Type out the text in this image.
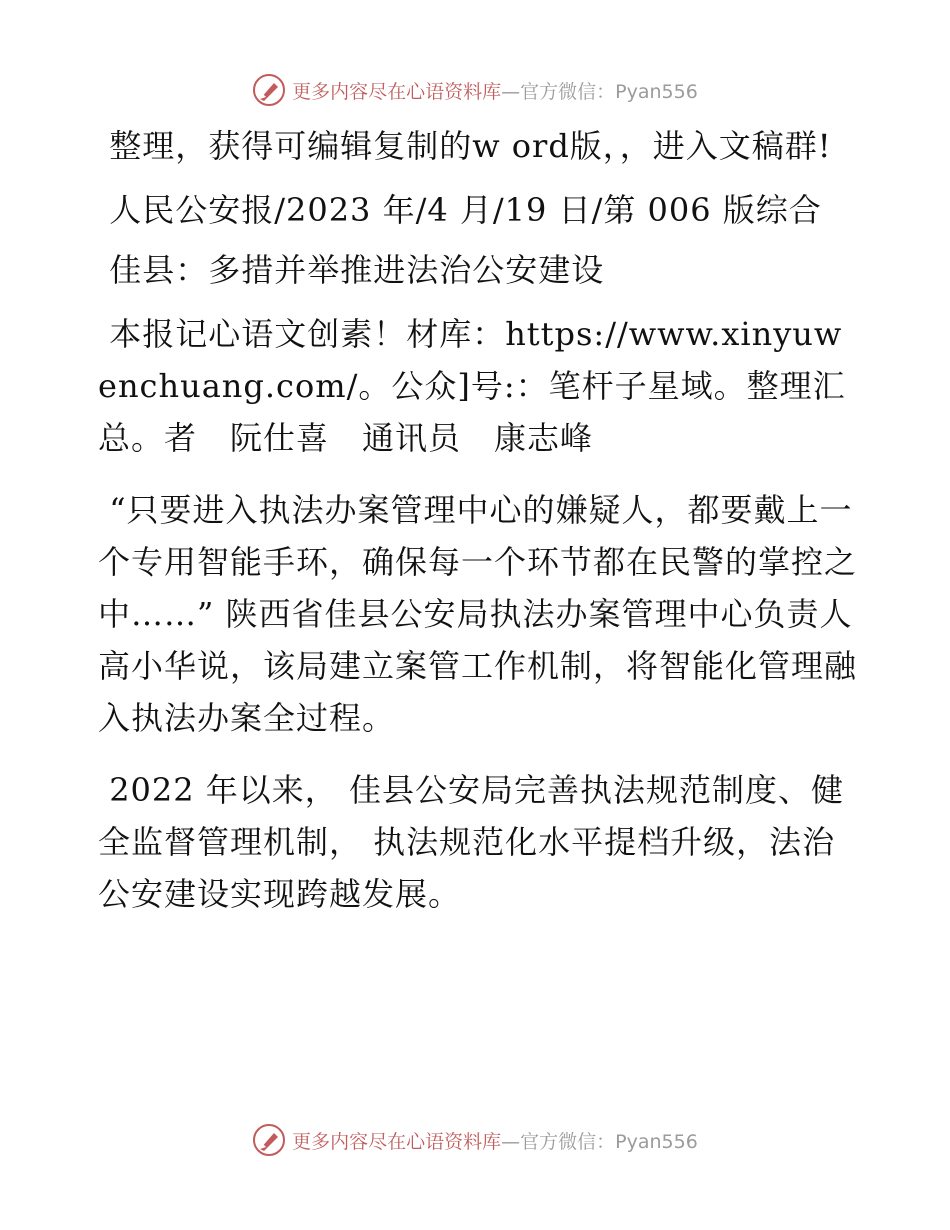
更多内容尽在心语资料库 —官方微信：Pyan556

整理，获得可编辑复制的w ord版，，进入文稿群!

人民公安报/2023 年/4 月/19 日/第 006 版综合

佳县：多措并举推进法治公安建设

本报记心语文创素！材库：https://www.xinyuwenchuang.com/。公众]号:：笔杆子星域。整理汇总。者　阮仕喜　通讯员　康志峰

“只要进入执法办案管理中心的嫌疑人，都要戴上一个专用智能手环，确保每一个环节都在民警的掌控之中……” 陕西省佳县公安局执法办案管理中心负责人高小华说，该局建立案管工作机制，将智能化管理融入执法办案全过程。

2022 年以来， 佳县公安局完善执法规范制度、健全监督管理机制， 执法规范化水平提档升级，法治公安建设实现跨越发展。

更多内容尽在心语资料库 —官方微信：Pyan556
